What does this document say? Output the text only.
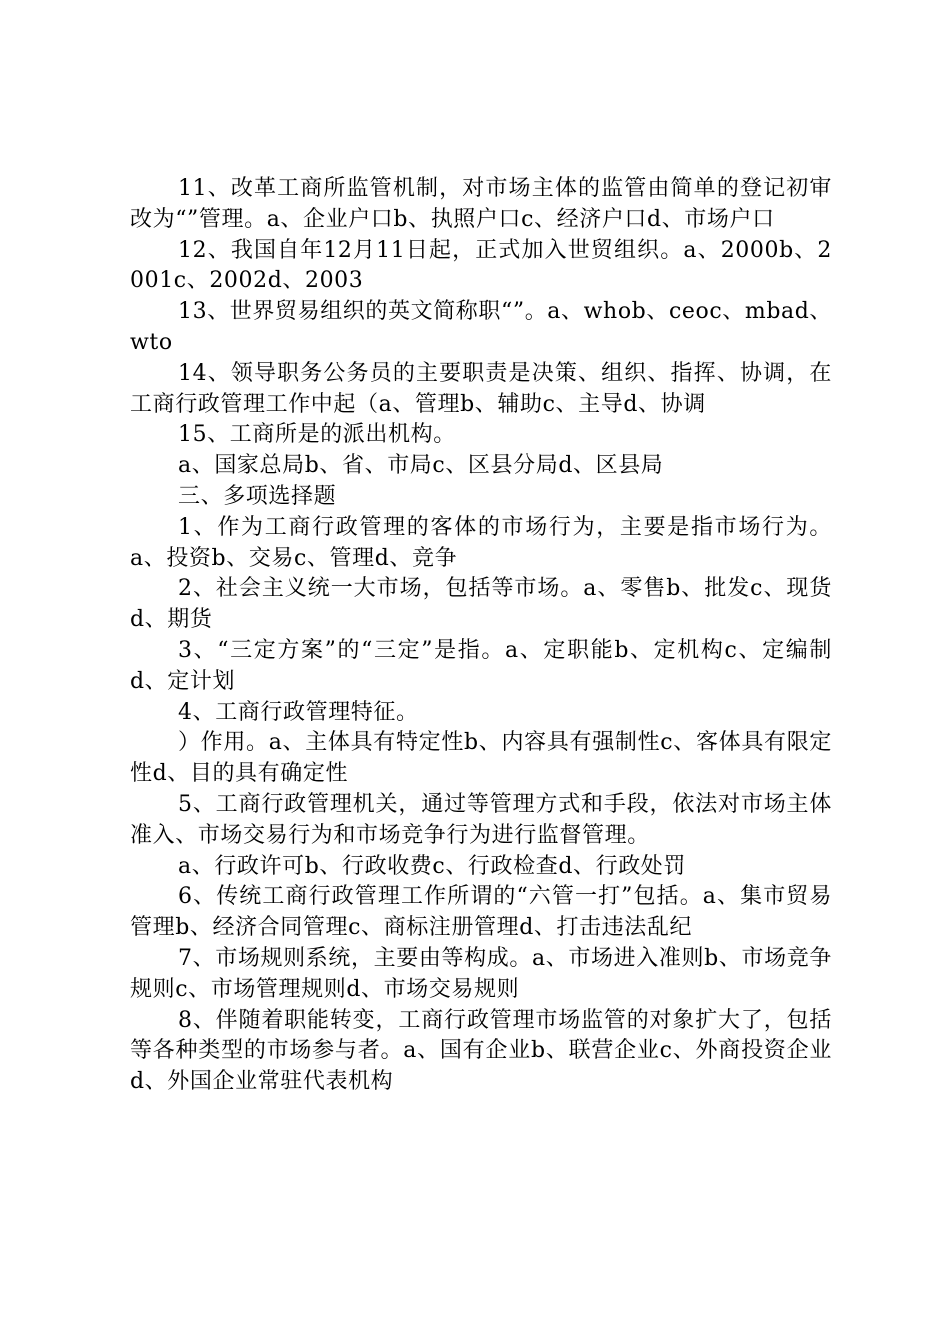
11、改革工商所监管机制，对市场主体的监管由简单的登记初审改为“”管理。a、企业户口b、执照户口c、经济户口d、市场户口

12、我国自年12月11日起，正式加入世贸组织。a、2000b、2001c、2002d、2003

13、世界贸易组织的英文简称职“”。a、whob、ceoc、mbad、wto

14、领导职务公务员的主要职责是决策、组织、指挥、协调，在工商行政管理工作中起（a、管理b、辅助c、主导d、协调

15、工商所是的派出机构。

a、国家总局b、省、市局c、区县分局d、区县局

三、多项选择题

1、作为工商行政管理的客体的市场行为，主要是指市场行为。a、投资b、交易c、管理d、竞争

2、社会主义统一大市场，包括等市场。a、零售b、批发c、现货d、期货

3、“三定方案”的“三定”是指。a、定职能b、定机构c、定编制d、定计划

4、工商行政管理特征。

）作用。a、主体具有特定性b、内容具有强制性c、客体具有限定性d、目的具有确定性

5、工商行政管理机关，通过等管理方式和手段，依法对市场主体准入、市场交易行为和市场竞争行为进行监督管理。

a、行政许可b、行政收费c、行政检查d、行政处罚

6、传统工商行政管理工作所谓的“六管一打”包括。a、集市贸易管理b、经济合同管理c、商标注册管理d、打击违法乱纪

7、市场规则系统，主要由等构成。a、市场进入准则b、市场竞争规则c、市场管理规则d、市场交易规则

8、伴随着职能转变，工商行政管理市场监管的对象扩大了，包括等各种类型的市场参与者。a、国有企业b、联营企业c、外商投资企业d、外国企业常驻代表机构
